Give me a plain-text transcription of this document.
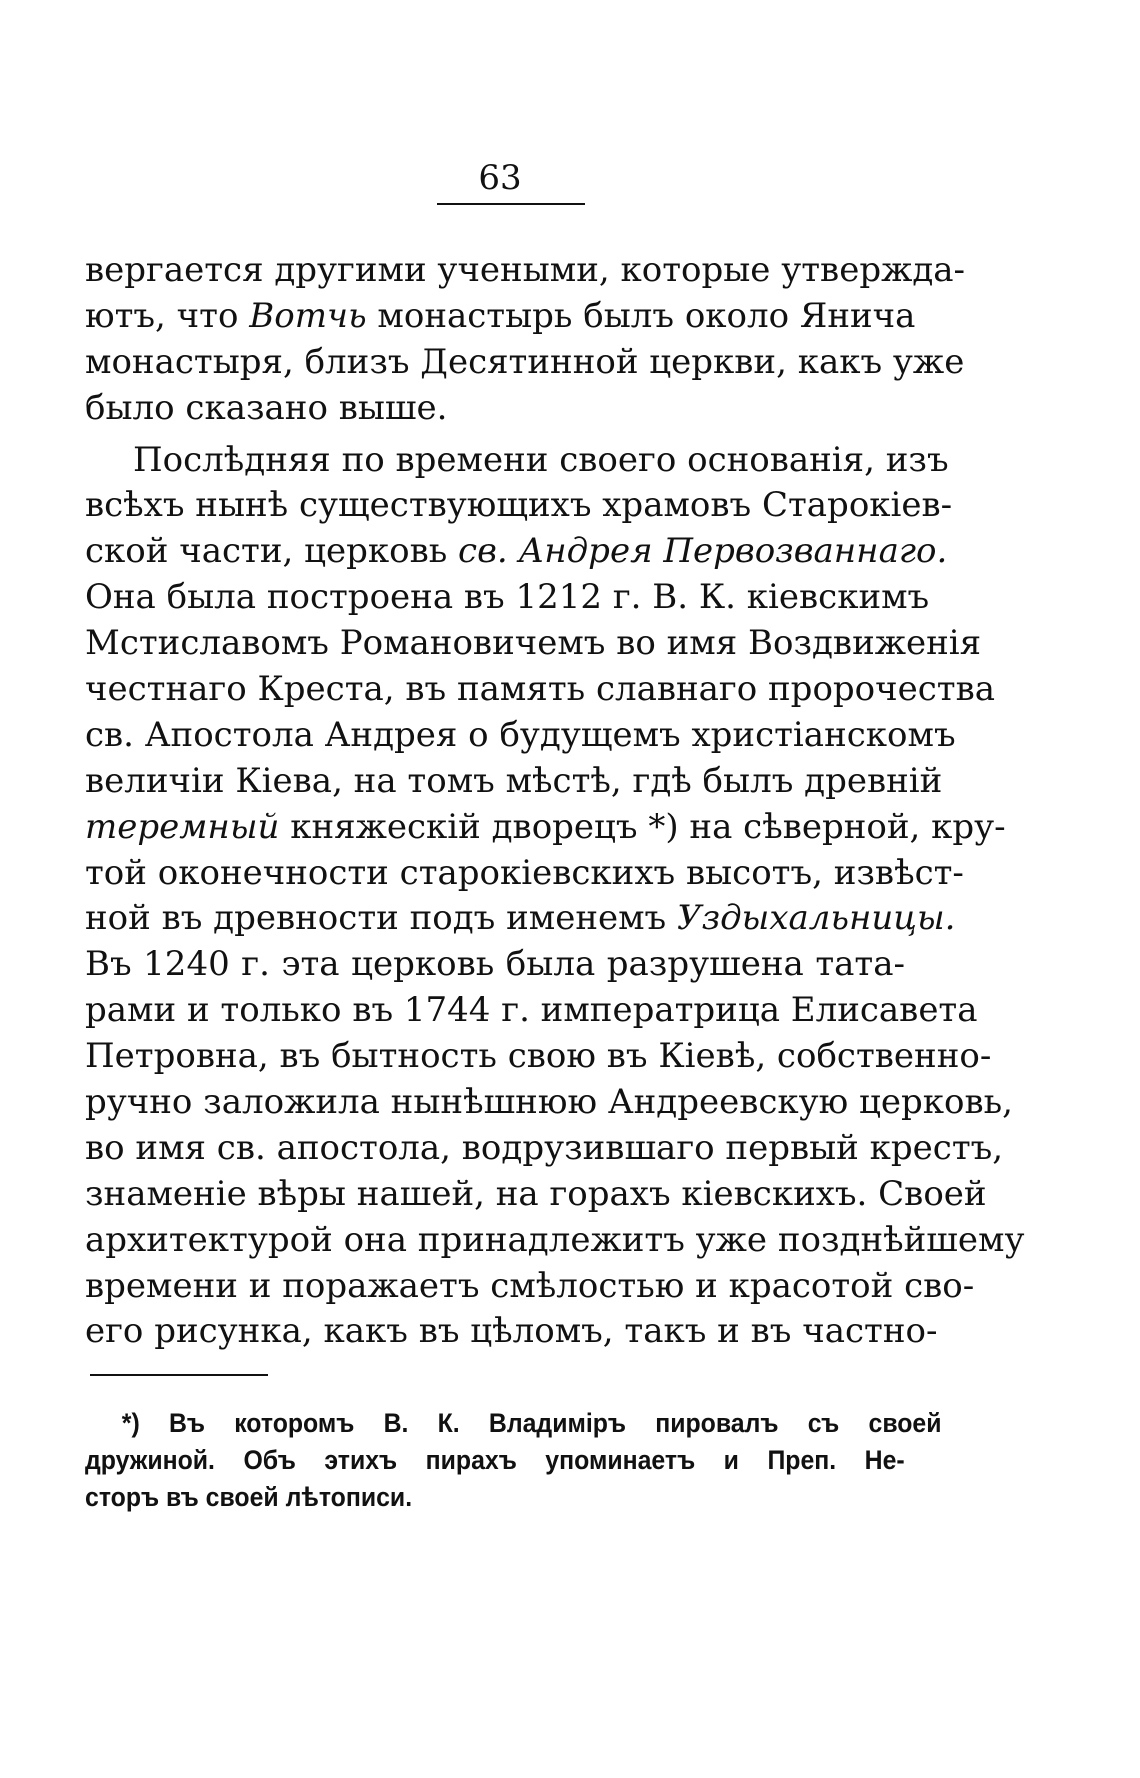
63
вергается другими учеными, которые утвержда-
ютъ, что Вотчь монастырь былъ около Янича
монастыря, близъ Десятинной церкви, какъ уже
было сказано выше.
Послѣдняя по времени своего основанія, изъ
всѣхъ нынѣ существующихъ храмовъ Старокіев-
ской части, церковь св. Андрея Первозваннаго.
Она была построена въ 1212 г. В. К. кіевскимъ
Мстиславомъ Романовичемъ во имя Воздвиженія
честнаго Креста, въ память славнаго пророчества
св. Апостола Андрея о будущемъ христіанскомъ
величіи Кіева, на томъ мѣстѣ, гдѣ былъ древній
теремный княжескій дворецъ *) на сѣверной, кру-
той оконечности старокіевскихъ высотъ, извѣст-
ной въ древности подъ именемъ Уздыхальницы.
Въ 1240 г. эта церковь была разрушена тата-
рами и только въ 1744 г. императрица Елисавета
Петровна, въ бытность свою въ Кіевѣ, собственно-
ручно заложила нынѣшнюю Андреевскую церковь,
во имя св. апостола, водрузившаго первый крестъ,
знаменіе вѣры нашей, на горахъ кіевскихъ. Своей
архитектурой она принадлежитъ уже позднѣйшему
времени и поражаетъ смѣлостью и красотой сво-
его рисунка, какъ въ цѣломъ, такъ и въ частно-
*) Въ которомъ В. К. Владиміръ пировалъ съ своей
дружиной. Объ этихъ пирахъ упоминаетъ и Преп. Не-
сторъ въ своей лѣтописи.
